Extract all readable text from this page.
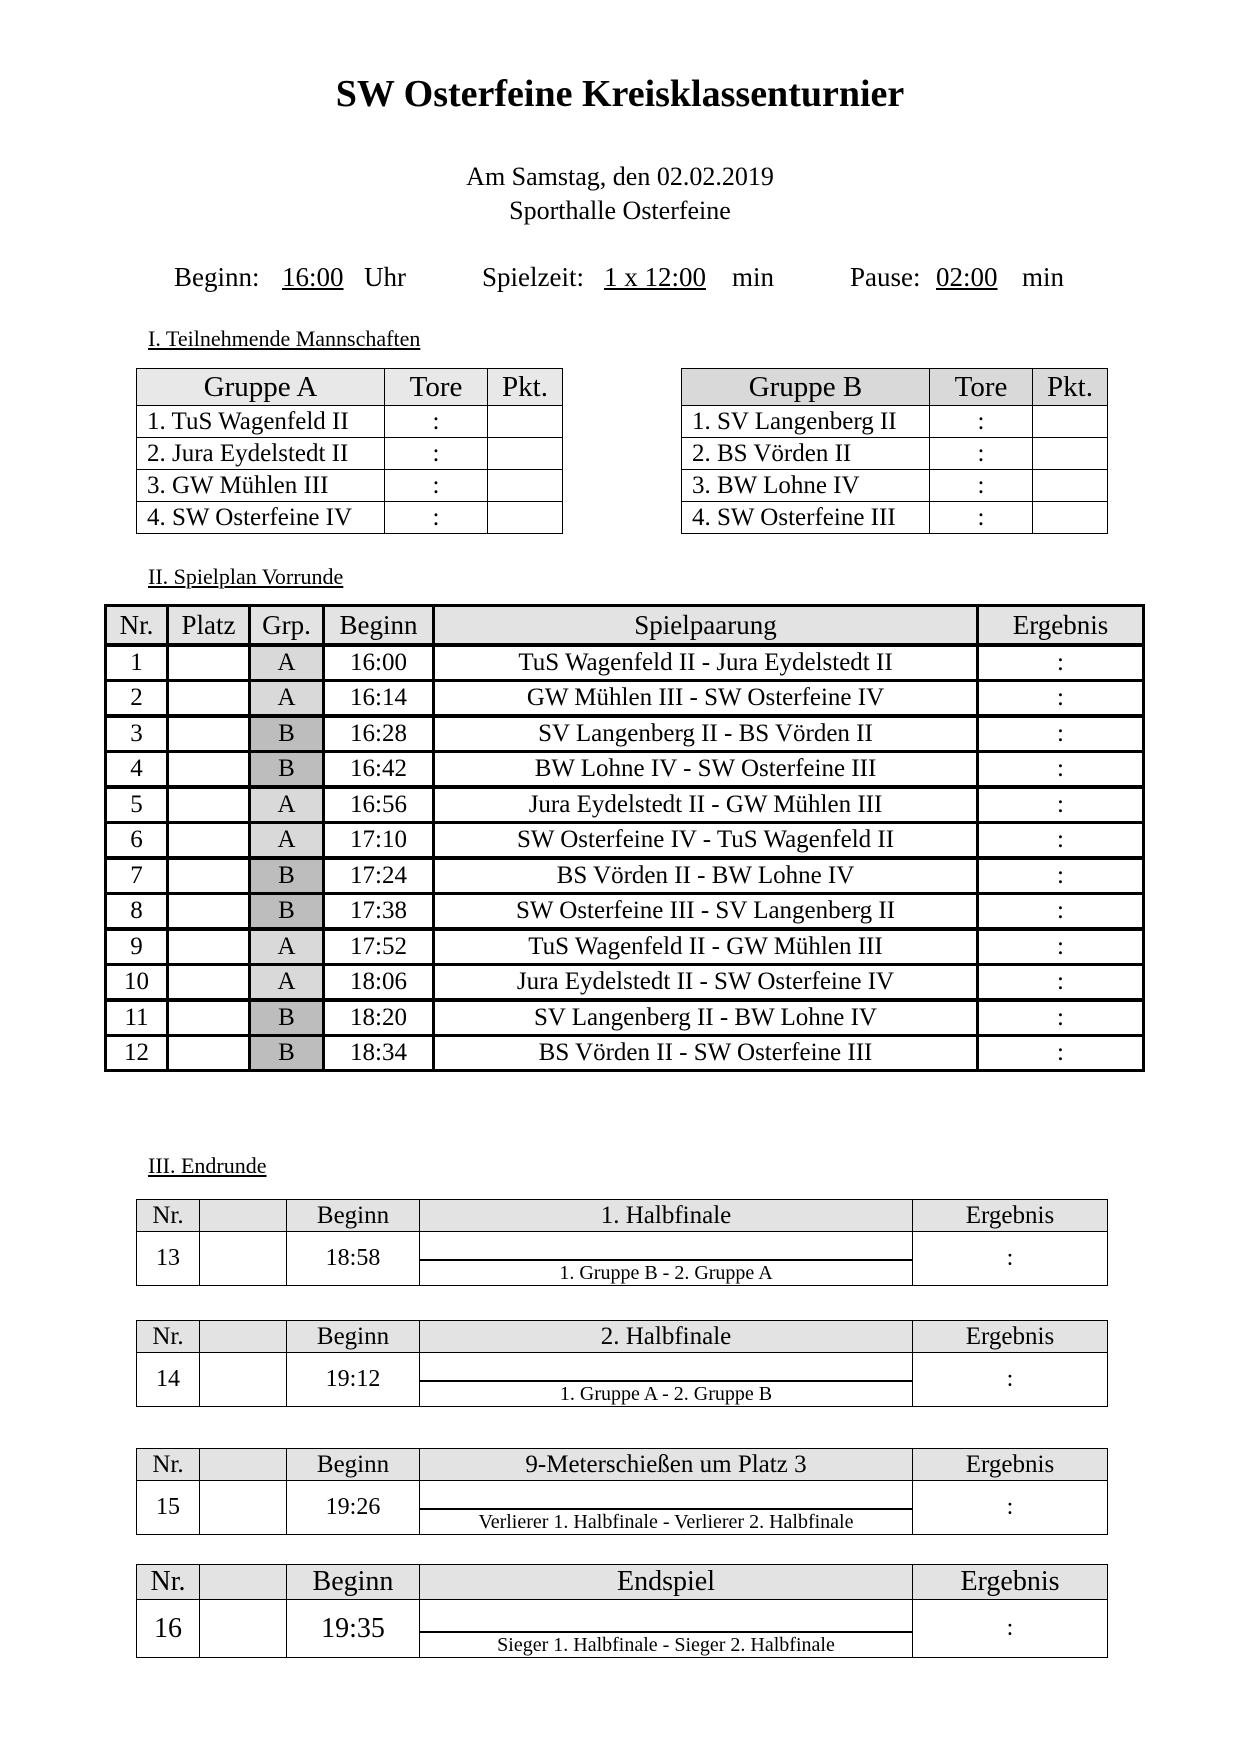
SW Osterfeine Kreisklassenturnier
Am Samstag, den 02.02.2019
Sporthalle Osterfeine
Beginn: 16:00 Uhr	Spielzeit: 1 x 12:00 min	Pause: 02:00 min
I. Teilnehmende Mannschaften
Gruppe A	Tore	Pkt.
1. TuS Wagenfeld II	:	
2. Jura Eydelstedt II	:	
3. GW Mühlen III	:	
4. SW Osterfeine IV	:	
Gruppe B	Tore	Pkt.
1. SV Langenberg II	:	
2. BS Vörden II	:	
3. BW Lohne IV	:	
4. SW Osterfeine III	:	
II. Spielplan Vorrunde
Nr.	Platz	Grp.	Beginn	Spielpaarung	Ergebnis
1		A	16:00	TuS Wagenfeld II - Jura Eydelstedt II	:
2		A	16:14	GW Mühlen III - SW Osterfeine IV	:
3		B	16:28	SV Langenberg II - BS Vörden II	:
4		B	16:42	BW Lohne IV - SW Osterfeine III	:
5		A	16:56	Jura Eydelstedt II - GW Mühlen III	:
6		A	17:10	SW Osterfeine IV - TuS Wagenfeld II	:
7		B	17:24	BS Vörden II - BW Lohne IV	:
8		B	17:38	SW Osterfeine III - SV Langenberg II	:
9		A	17:52	TuS Wagenfeld II - GW Mühlen III	:
10		A	18:06	Jura Eydelstedt II - SW Osterfeine IV	:
11		B	18:20	SV Langenberg II - BW Lohne IV	:
12		B	18:34	BS Vörden II - SW Osterfeine III	:
III. Endrunde
Nr.		Beginn	1. Halbfinale	Ergebnis
13		18:58		:
			1. Gruppe B - 2. Gruppe A	
Nr.		Beginn	2. Halbfinale	Ergebnis
14		19:12		:
			1. Gruppe A - 2. Gruppe B	
Nr.		Beginn	9-Meterschießen um Platz 3	Ergebnis
15		19:26		:
			Verlierer 1. Halbfinale - Verlierer 2. Halbfinale	
Nr.		Beginn	Endspiel	Ergebnis
16		19:35		:
			Sieger 1. Halbfinale - Sieger 2. Halbfinale	
